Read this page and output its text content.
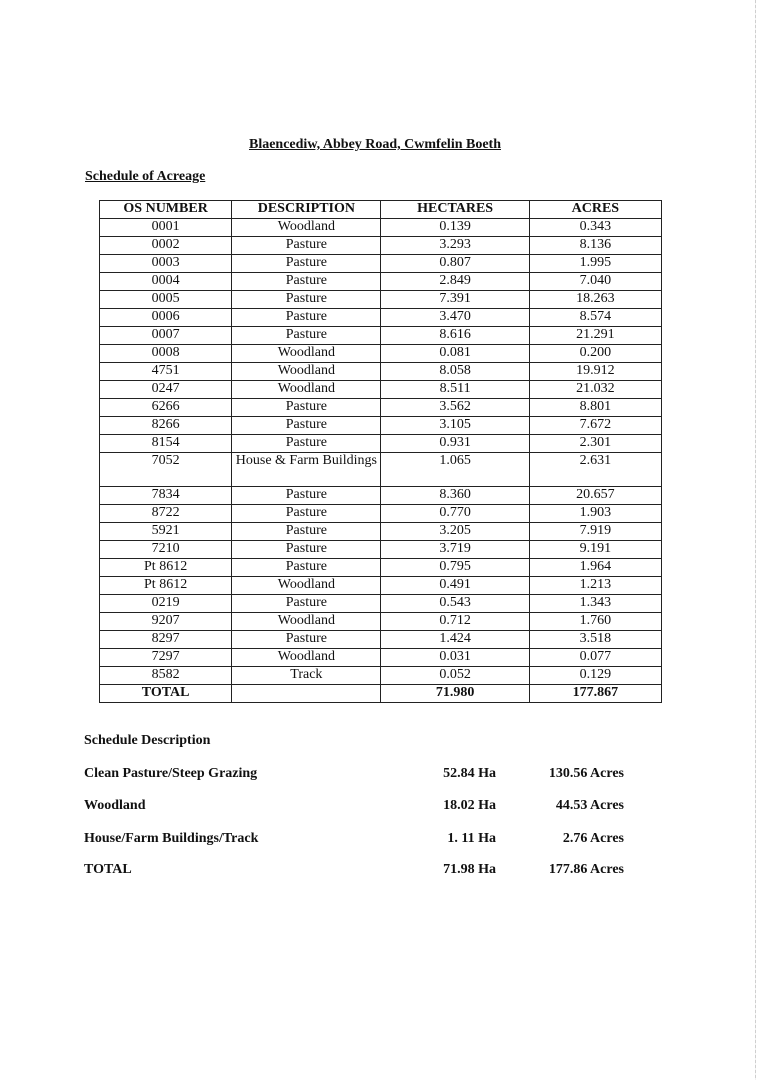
Blaencediw, Abbey Road, Cwmfelin Boeth
Schedule of Acreage
OS NUMBER	DESCRIPTION	HECTARES	ACRES
0001	Woodland	0.139	0.343
0002	Pasture	3.293	8.136
0003	Pasture	0.807	1.995
0004	Pasture	2.849	7.040
0005	Pasture	7.391	18.263
0006	Pasture	3.470	8.574
0007	Pasture	8.616	21.291
0008	Woodland	0.081	0.200
4751	Woodland	8.058	19.912
0247	Woodland	8.511	21.032
6266	Pasture	3.562	8.801
8266	Pasture	3.105	7.672
8154	Pasture	0.931	2.301
7052	House & Farm Buildings	1.065	2.631
7834	Pasture	8.360	20.657
8722	Pasture	0.770	1.903
5921	Pasture	3.205	7.919
7210	Pasture	3.719	9.191
Pt 8612	Pasture	0.795	1.964
Pt 8612	Woodland	0.491	1.213
0219	Pasture	0.543	1.343
9207	Woodland	0.712	1.760
8297	Pasture	1.424	3.518
7297	Woodland	0.031	0.077
8582	Track	0.052	0.129
TOTAL		71.980	177.867
Schedule Description
Clean Pasture/Steep Grazing	52.84 Ha	130.56 Acres
Woodland	18.02 Ha	44.53 Acres
House/Farm Buildings/Track	1. 11 Ha	2.76 Acres
TOTAL	71.98 Ha	177.86 Acres
